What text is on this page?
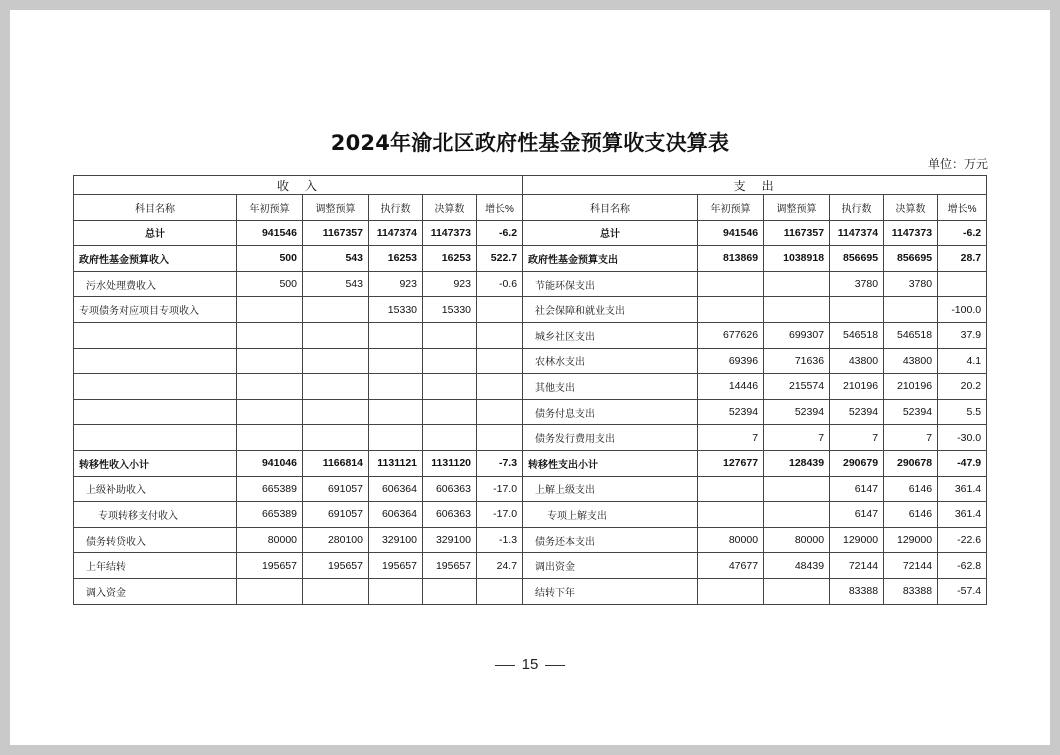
2024年渝北区政府性基金预算收支决算表
单位：万元
收　入						支　出					
科目名称	年初预算	调整预算	执行数	决算数	增长%	科目名称	年初预算	调整预算	执行数	决算数	增长%
总计	941546	1167357	1147374	1147373	-6.2	总计	941546	1167357	1147374	1147373	-6.2
政府性基金预算收入	500	543	16253	16253	522.7	政府性基金预算支出	813869	1038918	856695	856695	28.7
污水处理费收入	500	543	923	923	-0.6	节能环保支出			3780	3780	
专项债务对应项目专项收入			15330	15330		社会保障和就业支出					-100.0
						城乡社区支出	677626	699307	546518	546518	37.9
						农林水支出	69396	71636	43800	43800	4.1
						其他支出	14446	215574	210196	210196	20.2
						债务付息支出	52394	52394	52394	52394	5.5
						债务发行费用支出	7	7	7	7	-30.0
转移性收入小计	941046	1166814	1131121	1131120	-7.3	转移性支出小计	127677	128439	290679	290678	-47.9
上级补助收入	665389	691057	606364	606363	-17.0	上解上级支出			6147	6146	361.4
专项转移支付收入	665389	691057	606364	606363	-17.0	专项上解支出			6147	6146	361.4
债务转贷收入	80000	280100	329100	329100	-1.3	债务还本支出	80000	80000	129000	129000	-22.6
上年结转	195657	195657	195657	195657	24.7	调出资金	47677	48439	72144	72144	-62.8
调入资金						结转下年			83388	83388	-57.4
15
